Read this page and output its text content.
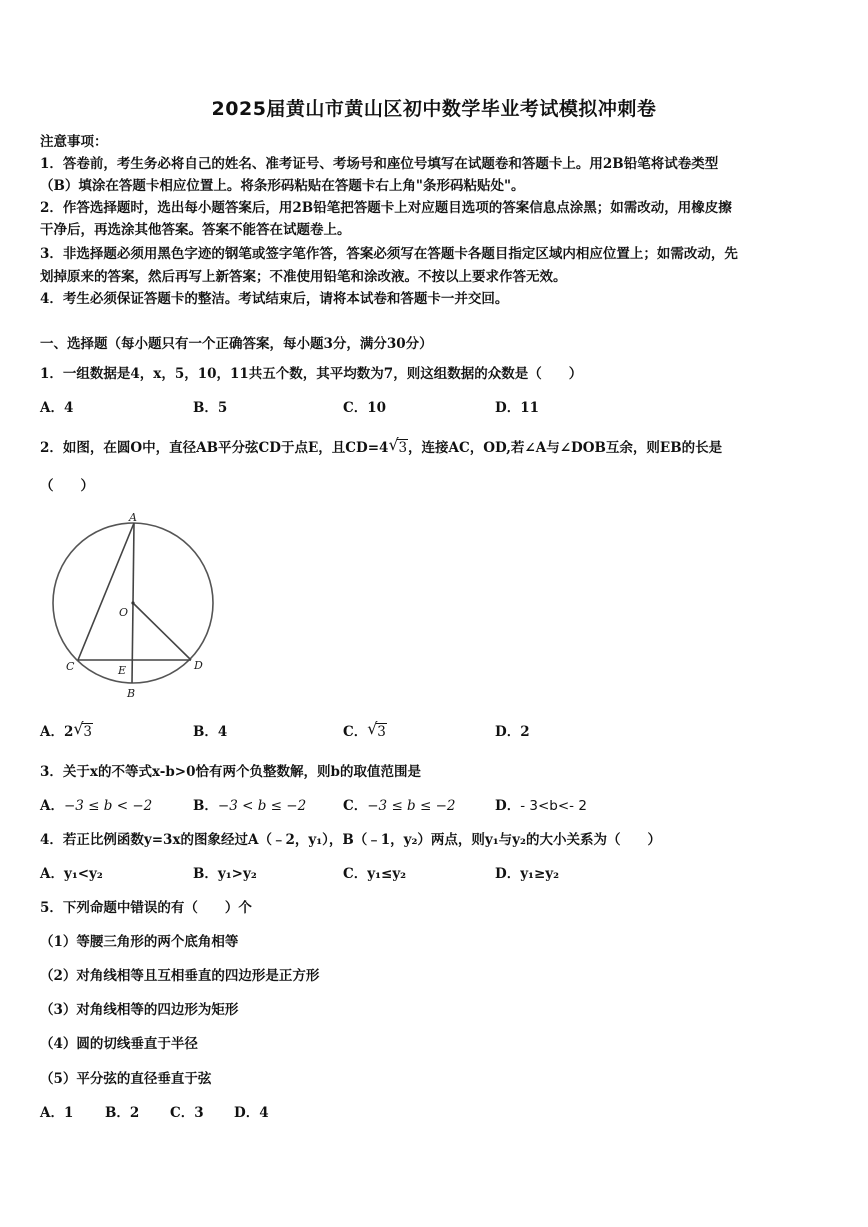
2025届黄山市黄山区初中数学毕业考试模拟冲刺卷
注意事项：
1．答卷前，考生务必将自己的姓名、准考证号、考场号和座位号填写在试题卷和答题卡上。用2B铅笔将试卷类型
（B）填涂在答题卡相应位置上。将条形码粘贴在答题卡右上角"条形码粘贴处"。
2．作答选择题时，选出每小题答案后，用2B铅笔把答题卡上对应题目选项的答案信息点涂黑；如需改动，用橡皮擦
干净后，再选涂其他答案。答案不能答在试题卷上。
3．非选择题必须用黑色字迹的钢笔或签字笔作答，答案必须写在答题卡各题目指定区域内相应位置上；如需改动，先
划掉原来的答案，然后再写上新答案；不准使用铅笔和涂改液。不按以上要求作答无效。
4．考生必须保证答题卡的整洁。考试结束后，请将本试卷和答题卡一并交回。
一、选择题（每小题只有一个正确答案，每小题3分，满分30分）
1．一组数据是4，x，5，10，11共五个数，其平均数为7，则这组数据的众数是（　　）
A．4	B．5	C．10	D．11
2．如图，在圆O中，直径AB平分弦CD于点E，且CD=4 √ 3，连接AC，OD,若∠A与∠DOB互余，则EB的长是
（　　）
A
O
C	E	D
B
A．2 √ 3	B．4	C． √ 3	D．2
3．关于x的不等式x-b>0恰有两个负整数解，则b的取值范围是
A．−3 ≤ b < −2	B．−3 < b ≤ −2	C．−3 ≤ b ≤ −2	D．- 3<b<- 2
4．若正比例函数y=3x的图象经过A（﹣2，y₁），B（﹣1，y₂）两点，则y₁与y₂的大小关系为（　　）
A．y₁<y₂	B．y₁>y₂	C．y₁≤y₂	D．y₁≥y₂
5．下列命题中错误的有（　　）个
（1）等腰三角形的两个底角相等
（2）对角线相等且互相垂直的四边形是正方形
（3）对角线相等的四边形为矩形
（4）圆的切线垂直于半径
（5）平分弦的直径垂直于弦
A．1 B．2 C．3 D．4
